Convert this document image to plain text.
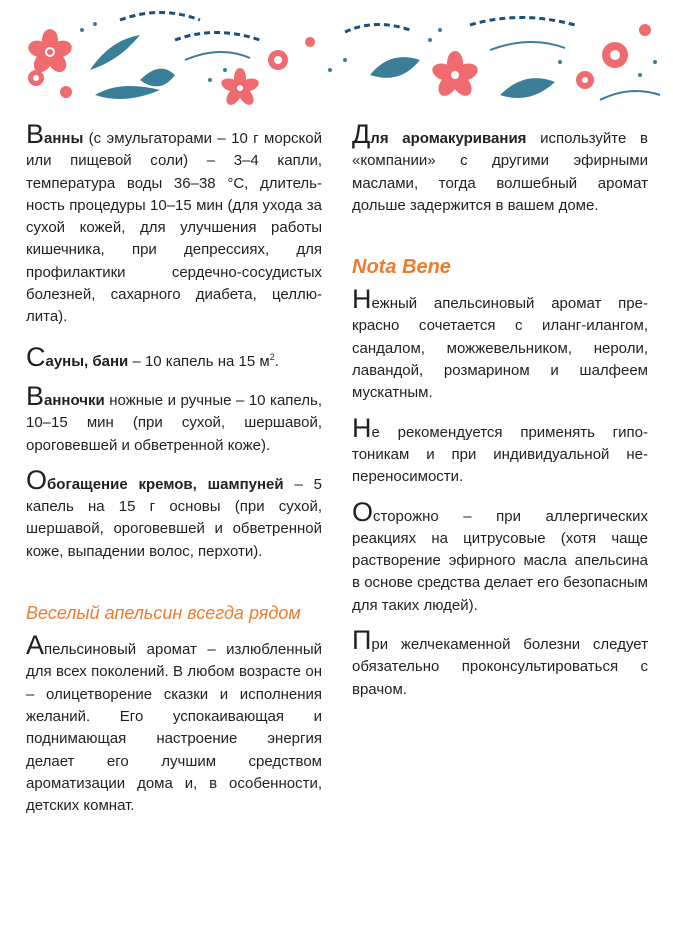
Ванны (с эмульгаторами – 10 г морской или пищевой соли) – 3–4 капли, температура воды 36–38 °С, длительность процедуры 10–15 мин (для ухода за сухой кожей, для улучшения работы кишечника, при депрессиях, для профилактики сердечно-сосудистых болезней, сахарного диабета, целлюлита).

Сауны, бани – 10 капель на 15 $м^2$.

Ванночки ножные и ручные – 10 капель, 10–15 мин (при сухой, шершавой, ороговевшей и обветренной коже).

Обогащение кремов, шампуней – 5 капель на 15 г основы (при сухой, шершавой, ороговевшей и обветренной коже, выпадении волос, перхоти).

Веселый апельсин всегда рядом

Апельсиновый аромат – излюбленный для всех поколений. В любом возрасте он – олицетворение сказки и исполнения желаний. Его успокаивающая и поднимающая настроение энергия делает его лучшим средством ароматизации дома и, в особенности, детских комнат.

Для аромакуривания используйте в «компании» с другими эфирными маслами, тогда волшебный аромат дольше задержится в вашем доме.

Nota Bene

Нежный апельсиновый аромат прекрасно сочетается с иланг-илангом, сандалом, можжевельником, нероли, лавандой, розмарином и шалфеем мускатным.

Не рекомендуется применять гипотоникам и при индивидуальной непереносимости.

Осторожно – при аллергических реакциях на цитрусовые (хотя чаще растворение эфирного масла апельсина в основе средства делает его безопасным для таких людей).

При желчекаменной болезни следует обязательно проконсультироваться с врачом.
